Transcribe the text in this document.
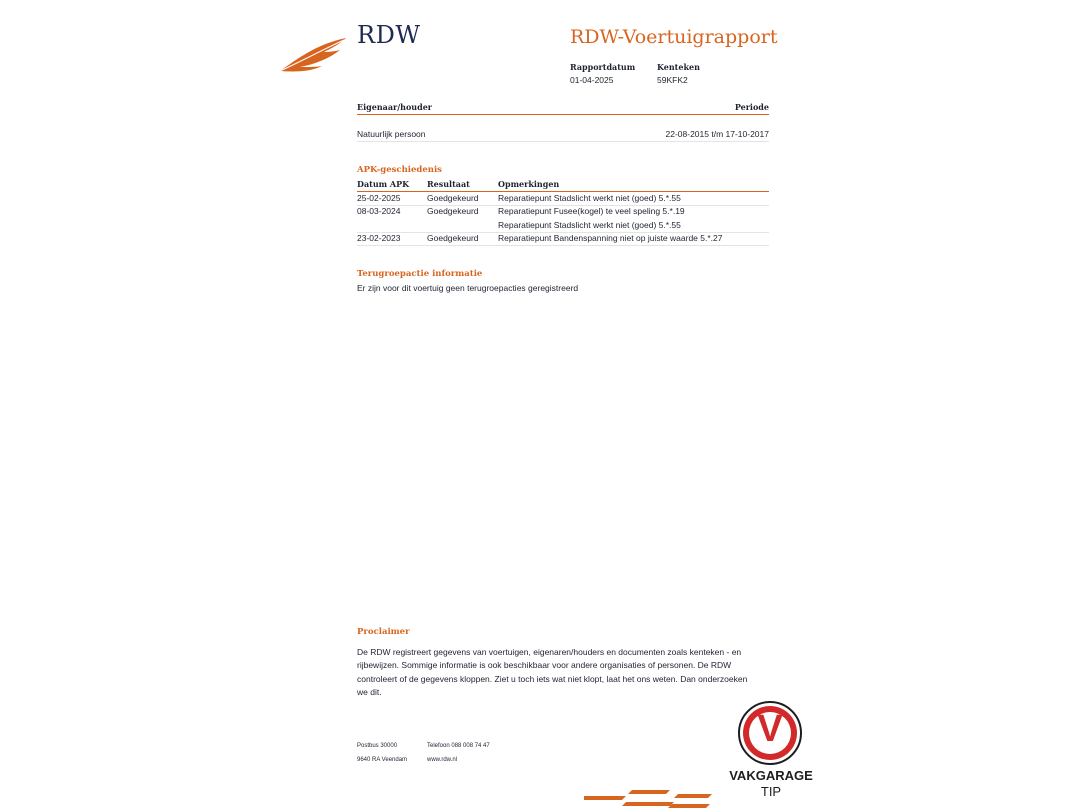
RDW	RDW-Voertuigrapport
Rapportdatum
01-04-2025
Kenteken
59KFK2
Eigenaar/houder	Periode
Natuurlijk persoon	22-08-2015 t/m 17-10-2017
APK-geschiedenis
Datum APK Resultaat	Opmerkingen
25-02-2025	Goedgekeurd Reparatiepunt Stadslicht werkt niet (goed) 5.*.55
08-03-2024	Goedgekeurd Reparatiepunt Fusee(kogel) te veel speling 5.*.19
Reparatiepunt Stadslicht werkt niet (goed) 5.*.55
23-02-2023	Goedgekeurd Reparatiepunt Bandenspanning niet op juiste waarde 5.*.27
Terugroepactie informatie
Er zijn voor dit voertuig geen terugroepacties geregistreerd
Proclaimer
De RDW registreert gegevens van voertuigen, eigenaren/houders en documenten zoals kenteken - en
rijbewijzen. Sommige informatie is ook beschikbaar voor andere organisaties of personen. De RDW
controleert of de gegevens kloppen. Ziet u toch iets wat niet klopt, laat het ons weten. Dan onderzoeken
we dit.
Postbus 30000
9640 RA Veendam
Telefoon 088 008 74 47
www.rdw.nl
V
VAKGARAGE
TIP
